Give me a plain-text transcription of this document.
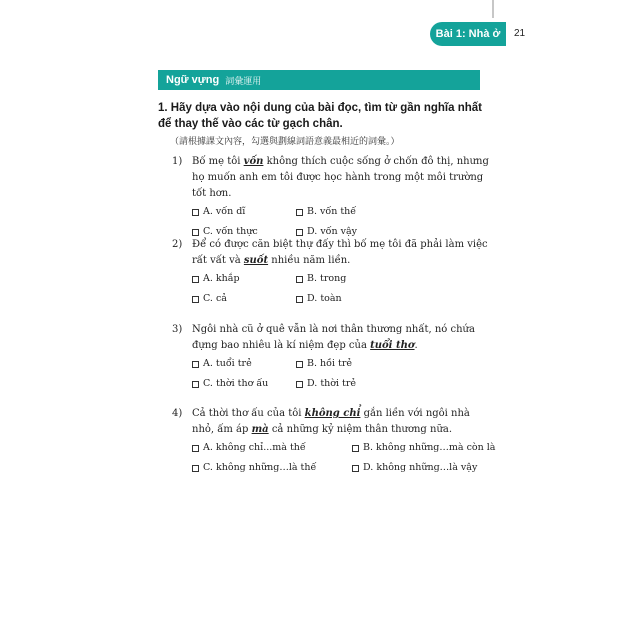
Bài 1: Nhà ở	21
Ngữ vựng 詞彙運用
1. Hãy dựa vào nội dung của bài đọc, tìm từ gần nghĩa nhất để thay thế vào các từ gạch chân.
（請根據課文內容，勾選與劃線詞語意義最相近的詞彙。）
1) Bố mẹ tôi vốn không thích cuộc sống ở chốn đô thị, nhưng họ muốn anh em tôi được học hành trong một môi trường tốt hơn.
A. vốn dĩ	B. vốn thế
C. vốn thực	D. vốn vậy
2) Để có được căn biệt thự đấy thì bố mẹ tôi đã phải làm việc rất vất và suốt nhiều năm liền.
A. khắp	B. trong
C. cả	D. toàn
3) Ngôi nhà cũ ở quê vẫn là nơi thân thương nhất, nó chứa đựng bao nhiêu là kí niệm đẹp của tuổi thơ.
A. tuổi trẻ	B. hồi trẻ
C. thời thơ ấu	D. thời trẻ
4) Cả thời thơ ấu của tôi không chỉ gắn liền với ngôi nhà nhỏ, ấm áp mà cả những kỷ niệm thân thương nữa.
A. không chỉ...mà thế	B. không những…mà còn là
C. không những…là thế	D. không những…là vậy
